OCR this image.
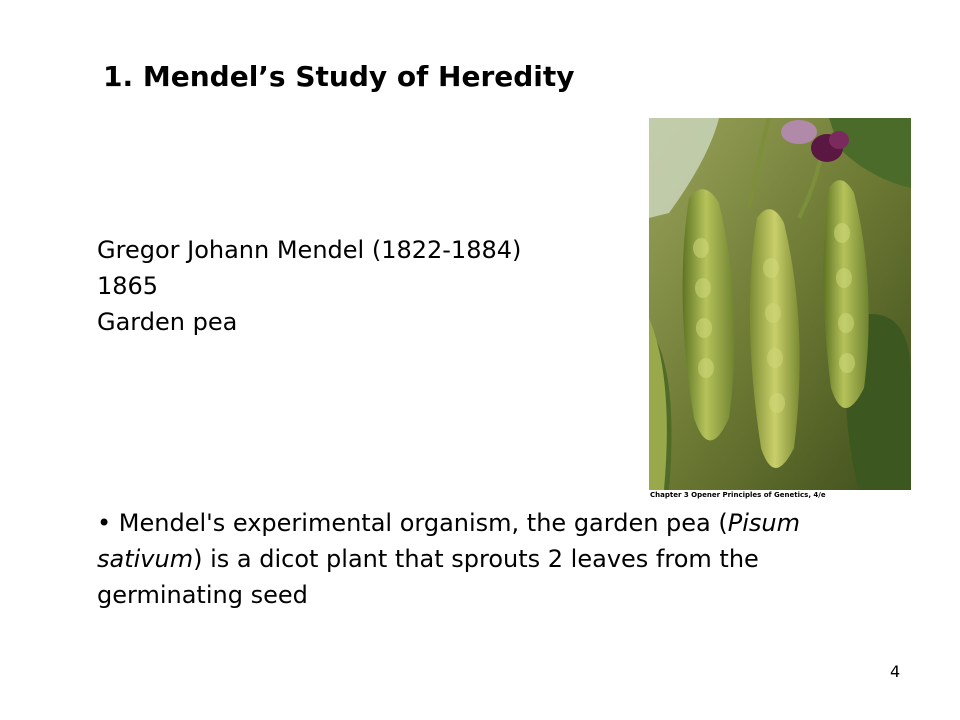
1. Mendel’s Study of Heredity
Gregor Johann Mendel (1822-1884)
1865
Garden pea
Chapter 3 Opener Principles of Genetics, 4/e
• Mendel's experimental organism, the garden pea (Pisum sativum) is a dicot plant that sprouts 2 leaves from the germinating seed
4
